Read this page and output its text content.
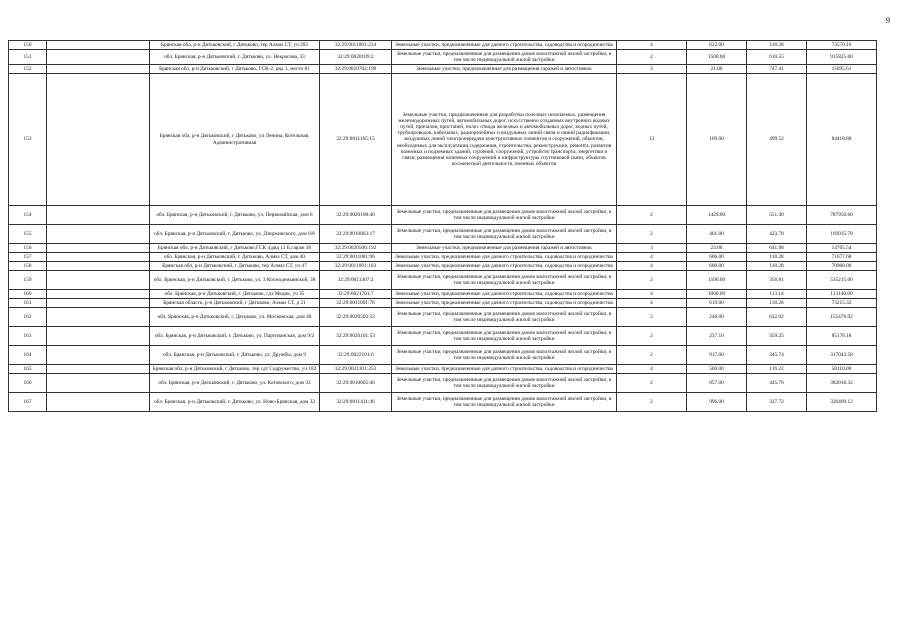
9
150		Брянская обл, р-н Дятьковский, г Дятьково, тер Алмаз СТ, уч 202	32:29:0011001:234	Земельные участки, предназначенные для дачного строительства, садоводства и огородничества	4	622.00	118.28	73570.16
151		обл. Брянская, р-н Дятьковский, г. Дятьково, ул. Некрасова, 33	32:29:0020109:2	Земельные участки, предназначенные для размещения домов малоэтажной жилой застройки, в том числе индивидуальной жилой застройки	2	1500.00	610.55	915825.00
152		Брянская обл, р-н Дятьковский, г Дятьково, ГСК-2, ряд 3, место 81	32:29:0010702:199	Земельные участки, предназначенные для размещения гаражей и автостоянок	3	21.00	747.41	15695.61
153		Брянская обл, р-н Дятьковский, г Дятьково, ул Ленина, Котельная, Административная	32:29:0011105:15	Земельные участки, предназначенные для разработки полезных ископаемых, размещения железнодорожных путей, автомобильных дорог, искусственно созданных внутренних водных путей, причалов, пристаней, полос отвода железных и автомобильных дорог, водных путей, трубопроводов, кабельных, радиорелейных и воздушных линий связи и линий радиофикации, воздушных линий электропередачи конструктивных элементов и сооружений, объектов, необходимых для эксплуатации,содержания, строительства, реконструкции, ремонта, развития наземных и подземных зданий, строений, сооружений, устройств транспорта, энергетики и связи; размещения наземных сооружений и инфраструктуры спутниковой связи, объектов космической деятельности, военных объектов	13	169.00	499.52	84418.88
154		обл. Брянская, р-н Дятьковский, г. Дятьково, ул. Первомайская, дом 8	32:29:0020108:40	Земельные участки, предназначенные для размещения домов малоэтажной жилой застройки, в том числе индивидуальной жилой застройки	2	1429.00	551.40	787950.60
155		обл. Брянская, р-н Дятьковский, г. Дятьково, ул. Дзержинского, дом 6/8	32:29:0010803:17	Земельные участки, предназначенные для размещения домов малоэтажной жилой застройки, в том числе индивидуальной жилой застройки	2	401.00	423.78	169935.78
156		Брянская обл, р-н Дятьковский, г Дятьково,ГСК 4,ряд 11 Б,гараж 18	32:29:0020506:192	Земельные участки, предназначенные для размещения гаражей и автостоянок	3	23.00	641.98	14765.54
157		обл. Брянская, р-н Дятьковский, г. Дятьково, Алмаз СТ, дом 40	32:29:0011001:96	Земельные участки, предназначенные для дачного строительства, садоводства и огородничества	4	606.00	118.28	71677.68
158		Брянская обл, р-н Дятьковский, г Дятьково, тер Алмаз СТ, уч 47	32:29:0011001:103	Земельные участки, предназначенные для дачного строительства, садоводства и огородничества	4	600.00	118.28	70968.00
159		обл. Брянская, р-н Дятьковский, г. Дятьково, ул. 3 Космодемьянской, 38	32:29:0011407:2	Земельные участки, предназначенные для размещения домов малоэтажной жилой застройки, в том числе индивидуальной жилой застройки	2	1500.00	356.81	535215.00
160		обл. Брянская, р-н Дятьковский, г. Дятьково, сдт Медик, уч 35	32:29:0021701:7	Земельные участки, предназначенные для дачного строительства, садоводства и огородничества	4	1000.00	113.14	113140.00
161		Брянская область, р-н Дятьковский, г Дятьково, Алмаз СТ, д 21	32:29:0011001:76	Земельные участки, предназначенные для дачного строительства, садоводства и огородничества	4	619.00	118.28	73215.32
162		обл. Брянская, р-н Дятьковский, г. Дятьково, ул. Московская, дом 40	32:29:0020502:33	Земельные участки, предназначенные для размещения домов малоэтажной жилой застройки, в том числе индивидуальной жилой застройки	2	246.00	632.02	155476.92
163		обл. Брянская, р-н Дятьковский, г. Дятьково, ул. Партизанская, дом 9/2	32:29:0020101:53	Земельные участки, предназначенные для размещения домов малоэтажной жилой застройки, в том числе индивидуальной жилой застройки	2	237.10	359.25	85178.18
164		обл. Брянская, р-н Дятьковский, г. Дятьково, ул. Дружбы, дом 9	32:29:0022101:6	Земельные участки, предназначенные для размещения домов малоэтажной жилой застройки, в том числе индивидуальной жилой застройки	2	917.00	345.74	317043.58
165		Брянская обл, р-н Дятьковский, г Дятьково, тер сдт Содружество, уч 182	32:29:0021101:253	Земельные участки, предназначенные для дачного строительства, садоводства и огородничества	4	500.00	116.22	58110.00
166		обл. Брянская, р-н Дятьковский, г. Дятьково, ул. Котовского, дом 33	32:29:0010605:46	Земельные участки, предназначенные для размещения домов малоэтажной жилой застройки, в том числе индивидуальной жилой застройки	2	857.00	445.76	382016.32
167		обл. Брянская, р-н Дятьковский, г. Дятьково, ул. Ново-Брянская, дом 32	32:29:0011411:46	Земельные участки, предназначенные для размещения домов малоэтажной жилой застройки, в том числе индивидуальной жилой застройки	2	996.00	327.72	326409.12
